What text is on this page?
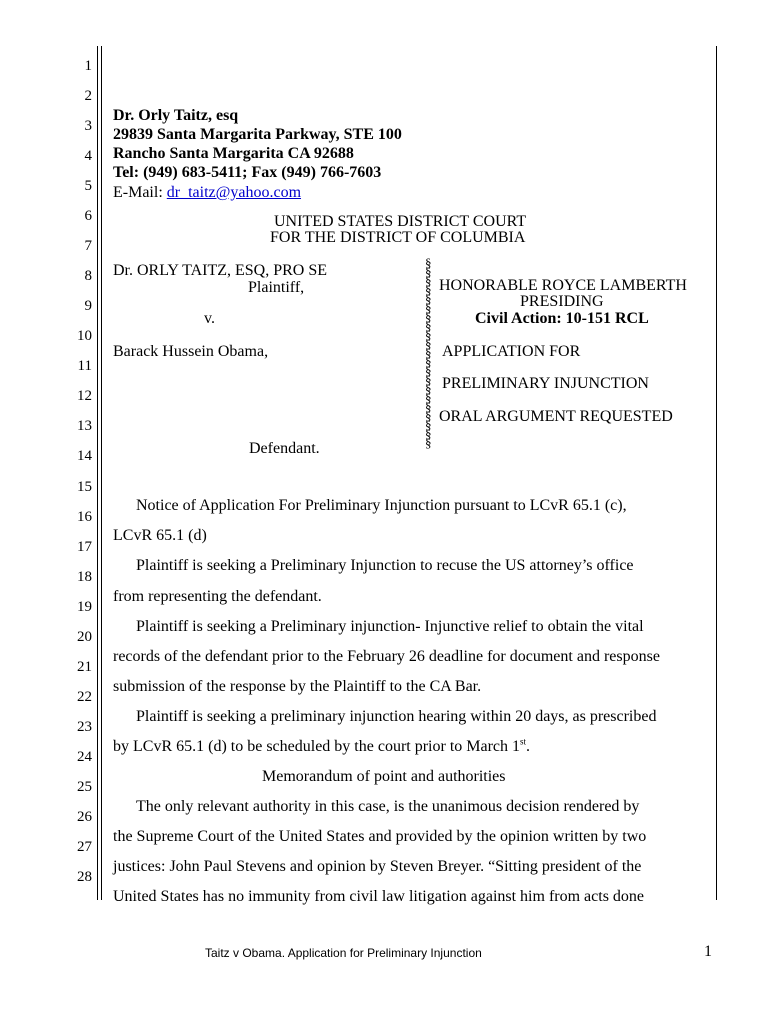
1
2
3
4
5
6
7
8
9
10
11
12
13
14
15
16
17
18
19
20
21
22
23
24
25
26
27
28
Dr. Orly Taitz, esq
29839 Santa Margarita Parkway, STE 100
Rancho Santa Margarita CA 92688
Tel: (949) 683-5411; Fax (949) 766-7603
E-Mail: dr_taitz@yahoo.com
UNITED STATES DISTRICT COURT
FOR THE DISTRICT OF COLUMBIA
Dr. ORLY TAITZ, ESQ, PRO SE
Plaintiff,
v.
Barack Hussein Obama,
Defendant.
§§§§§§§§§§§§§§§§§§§§§
HONORABLE ROYCE LAMBERTH
PRESIDING
Civil Action: 10-151 RCL
APPLICATION FOR
PRELIMINARY INJUNCTION
ORAL ARGUMENT REQUESTED
Notice of Application For Preliminary Injunction pursuant to LCvR 65.1 (c),
LCvR 65.1 (d)
Plaintiff is seeking a Preliminary Injunction to recuse the US attorney’s office
from representing the defendant.
Plaintiff is seeking a Preliminary injunction- Injunctive relief to obtain the vital
records of the defendant prior to the February 26 deadline for document and response
submission of the response by the Plaintiff to the CA Bar.
Plaintiff is seeking a preliminary injunction hearing within 20 days, as prescribed
by LCvR 65.1 (d) to be scheduled by the court prior to March 1st.
Memorandum of point and authorities
The only relevant authority in this case, is the unanimous decision rendered by
the Supreme Court of the United States and provided by the opinion written by two
justices: John Paul Stevens and opinion by Steven Breyer. “Sitting president of the
United States has no immunity from civil law litigation against him from acts done
Taitz v Obama. Application for Preliminary Injunction	1
